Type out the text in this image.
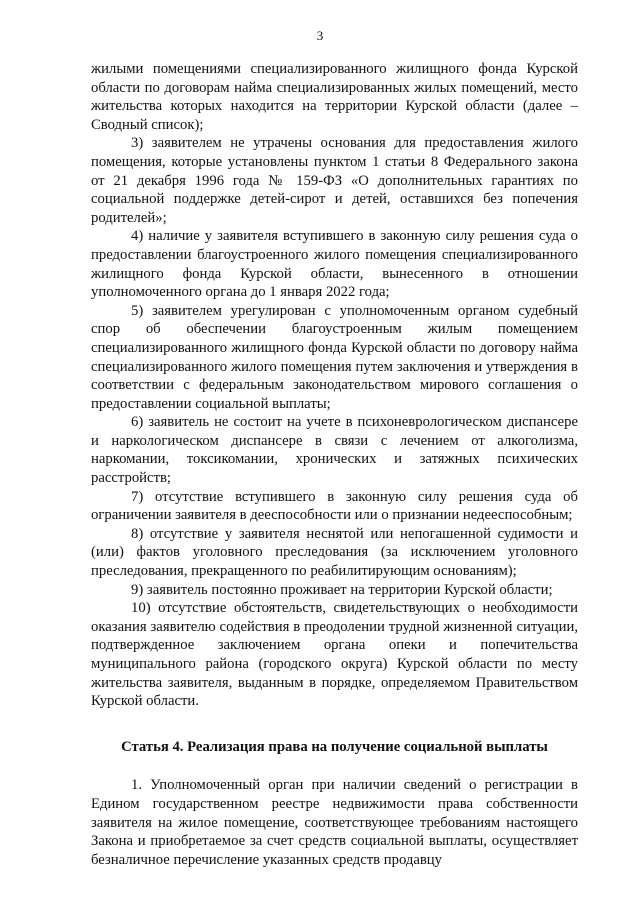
3

жилыми помещениями специализированного жилищного фонда Курской области по договорам найма специализированных жилых помещений, место жительства которых находится на территории Курской области (далее – Сводный список);

3) заявителем не утрачены основания для предоставления жилого помещения, которые установлены пунктом 1 статьи 8 Федерального закона от 21 декабря 1996 года № 159-ФЗ «О дополнительных гарантиях по социальной поддержке детей-сирот и детей, оставшихся без попечения родителей»;

4) наличие у заявителя вступившего в законную силу решения суда о предоставлении благоустроенного жилого помещения специализированного жилищного фонда Курской области, вынесенного в отношении уполномоченного органа до 1 января 2022 года;

5) заявителем урегулирован с уполномоченным органом судебный спор об обеспечении благоустроенным жилым помещением специализированного жилищного фонда Курской области по договору найма специализированного жилого помещения путем заключения и утверждения в соответствии с федеральным законодательством мирового соглашения о предоставлении социальной выплаты;

6) заявитель не состоит на учете в психоневрологическом диспансере и наркологическом диспансере в связи с лечением от алкоголизма, наркомании, токсикомании, хронических и затяжных психических расстройств;

7) отсутствие вступившего в законную силу решения суда об ограничении заявителя в дееспособности или о признании недееспособным;

8) отсутствие у заявителя неснятой или непогашенной судимости и (или) фактов уголовного преследования (за исключением уголовного преследования, прекращенного по реабилитирующим основаниям);

9) заявитель постоянно проживает на территории Курской области;

10) отсутствие обстоятельств, свидетельствующих о необходимости оказания заявителю содействия в преодолении трудной жизненной ситуации, подтвержденное заключением органа опеки и попечительства муниципального района (городского округа) Курской области по месту жительства заявителя, выданным в порядке, определяемом Правительством Курской области.

Статья 4. Реализация права на получение социальной выплаты

1. Уполномоченный орган при наличии сведений о регистрации в Едином государственном реестре недвижимости права собственности заявителя на жилое помещение, соответствующее требованиям настоящего Закона и приобретаемое за счет средств социальной выплаты, осуществляет безналичное перечисление указанных средств продавцу
